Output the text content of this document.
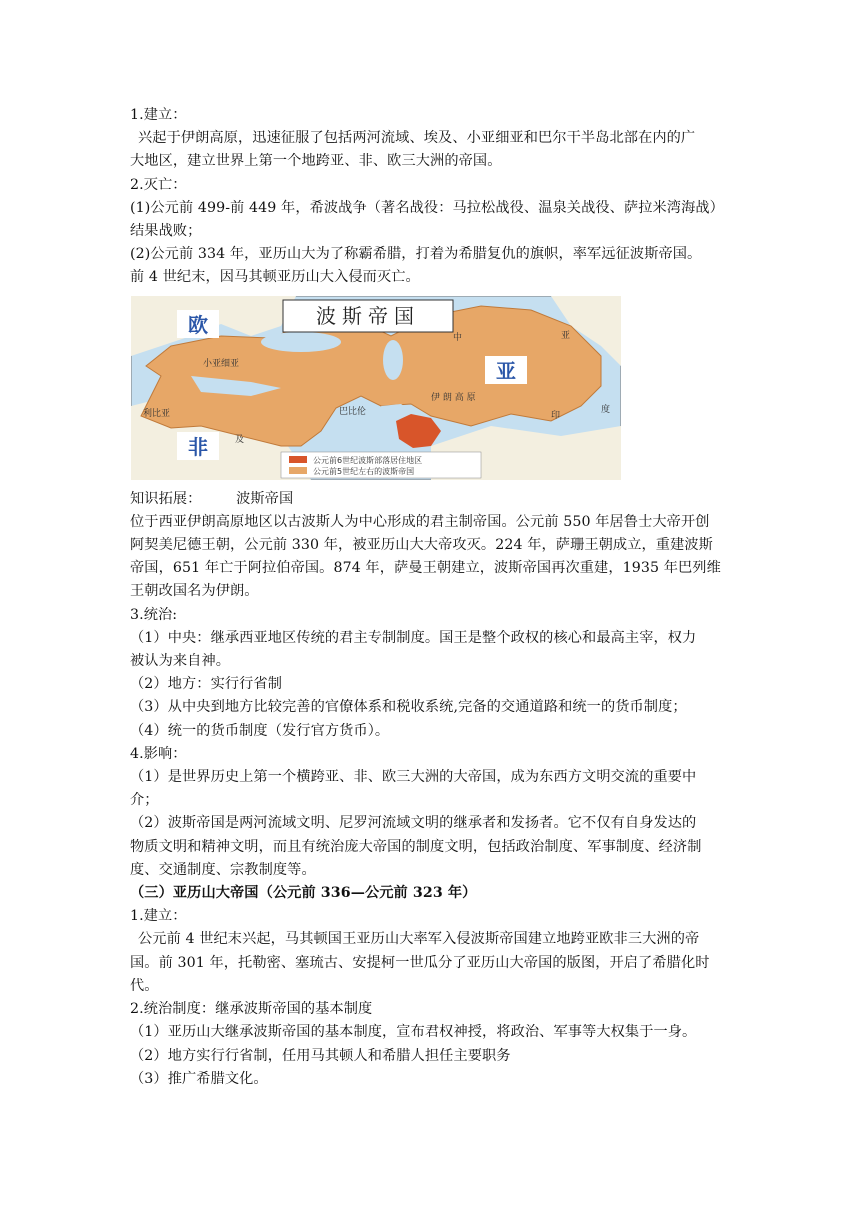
1.建立：
兴起于伊朗高原，迅速征服了包括两河流域、埃及、小亚细亚和巴尔干半岛北部在内的广
大地区，建立世界上第一个地跨亚、非、欧三大洲的帝国。
2.灭亡：
(1)公元前 499-前 449 年，希波战争（著名战役：马拉松战役、温泉关战役、萨拉米湾海战）
结果战败；
(2)公元前 334 年，亚历山大为了称霸希腊，打着为希腊复仇的旗帜，率军远征波斯帝国。
前 4 世纪末，因马其顿亚历山大入侵而灭亡。
波斯帝国
欧
亚
非
中	亚
伊 朗 高 原
印
度
小亚细亚
利比亚
及
巴比伦
公元前6世纪波斯部落居住地区
公元前5世纪左右的波斯帝国
知识拓展： 波斯帝国
位于西亚伊朗高原地区以古波斯人为中心形成的君主制帝国。公元前 550 年居鲁士大帝开创
阿契美尼德王朝，公元前 330 年，被亚历山大大帝攻灭。224 年，萨珊王朝成立，重建波斯
帝国，651 年亡于阿拉伯帝国。874 年，萨曼王朝建立，波斯帝国再次重建，1935 年巴列维
王朝改国名为伊朗。
3.统治:
（1）中央：继承西亚地区传统的君主专制制度。国王是整个政权的核心和最高主宰，权力
被认为来自神。
（2）地方：实行行省制
（3）从中央到地方比较完善的官僚体系和税收系统,完备的交通道路和统一的货币制度；
（4）统一的货币制度（发行官方货币）。
4.影响：
（1）是世界历史上第一个横跨亚、非、欧三大洲的大帝国，成为东西方文明交流的重要中
介；
（2）波斯帝国是两河流域文明、尼罗河流域文明的继承者和发扬者。它不仅有自身发达的
物质文明和精神文明，而且有统治庞大帝国的制度文明，包括政治制度、军事制度、经济制
度、交通制度、宗教制度等。
（三）亚历山大帝国（公元前 336—公元前 323 年）
1.建立：
公元前 4 世纪末兴起，马其顿国王亚历山大率军入侵波斯帝国建立地跨亚欧非三大洲的帝
国。前 301 年，托勒密、塞琉古、安提柯一世瓜分了亚历山大帝国的版图，开启了希腊化时
代。
2.统治制度：继承波斯帝国的基本制度
（1）亚历山大继承波斯帝国的基本制度，宣布君权神授，将政治、军事等大权集于一身。
（2）地方实行行省制，任用马其顿人和希腊人担任主要职务
（3）推广希腊文化。
